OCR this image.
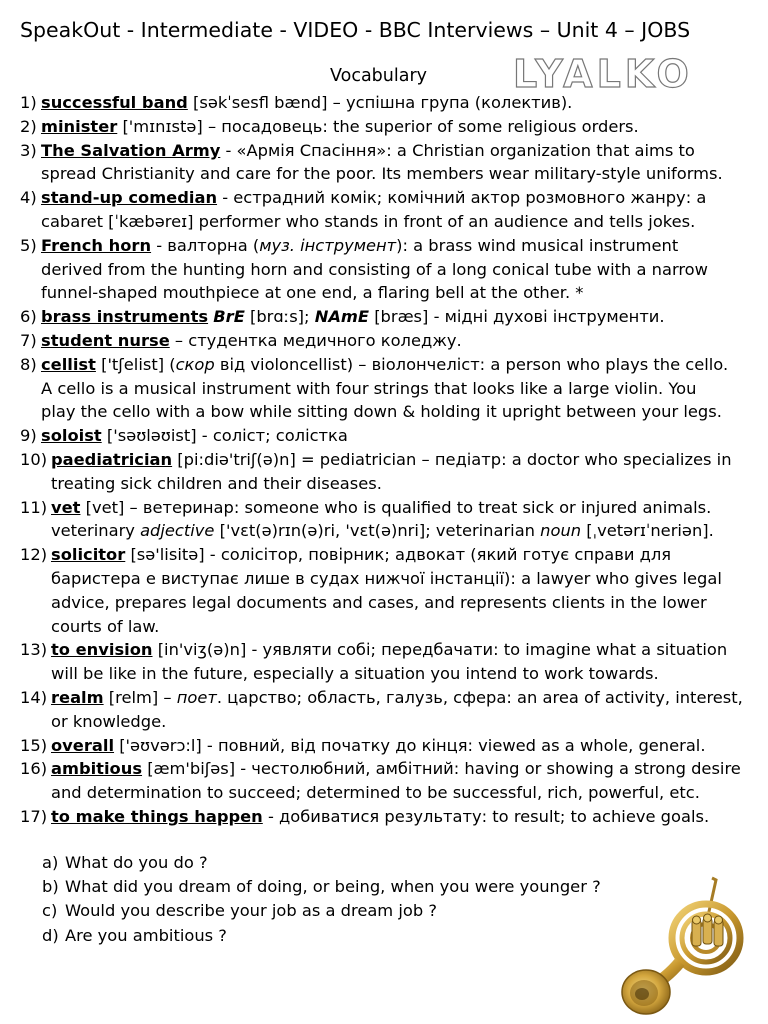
SpeakOut - Intermediate - VIDEO - BBC Interviews – Unit 4 – JOBS
Vocabulary LYALKO
1) successful band [səkˈsesfl bænd] – успішна група (колектив).
2) minister ['mɪnɪstə] – посадовець: the superior of some religious orders.
3) The Salvation Army - «Армія Спасіння»: a Christian organization that aims to
spread Christianity and care for the poor. Its members wear military-style uniforms.
4) stand-up comedian - естрадний комік; комічний актор розмовного жанру: a
cabaret [ˈkæbəreɪ] performer who stands in front of an audience and tells jokes.
5) French horn - валторна (муз. інструмент): a brass wind musical instrument
derived from the hunting horn and consisting of a long conical tube with a narrow
funnel-shaped mouthpiece at one end, a flaring bell at the other. *
6) brass instruments BrE [brɑːs]; NAmE [bræs] - мідні духові інструменти.
7) student nurse – студентка медичного коледжу.
8) cellist ['tʃelist] (скор від violoncellist) – віолончеліст: a person who plays the cello.
A cello is a musical instrument with four strings that looks like a large violin. You
play the cello with a bow while sitting down & holding it upright between your legs.
9) soloist ['səʊləʊist] - соліст; солістка
10) paediatrician [pi:diə'triʃ(ə)n] = pediatrician – педіатр: a doctor who specializes in
treating sick children and their diseases.
11) vet [vet] – ветеринар: someone who is qualified to treat sick or injured animals.
veterinary adjective ['vɛt(ə)rɪn(ə)ri, 'vɛt(ə)nri]; veterinarian noun [ˌvetərɪˈneriən].
12) solicitor [sə'lisitə] - солісітор, повірник; адвокат (який готує справи для
баристера е виступає лише в судах нижчої інстанції): a lawyer who gives legal
advice, prepares legal documents and cases, and represents clients in the lower
courts of law.
13) to envision [in'viʒ(ə)n] - уявляти собі; передбачати: to imagine what a situation
will be like in the future, especially a situation you intend to work towards.
14) realm [relm] – поет. царство; область, галузь, сфера: an area of activity, interest,
or knowledge.
15) overall ['əʊvərɔ:l] - повний, від початку до кінця: viewed as a whole, general.
16) ambitious [æm'biʃəs] - честолюбний, амбітний: having or showing a strong desire
and determination to succeed; determined to be successful, rich, powerful, etc.
17) to make things happen - добиватися результату: to result; to achieve goals.
a) What do you do ?
b) What did you dream of doing, or being, when you were younger ?
c) Would you describe your job as a dream job ?
d) Are you ambitious ?
